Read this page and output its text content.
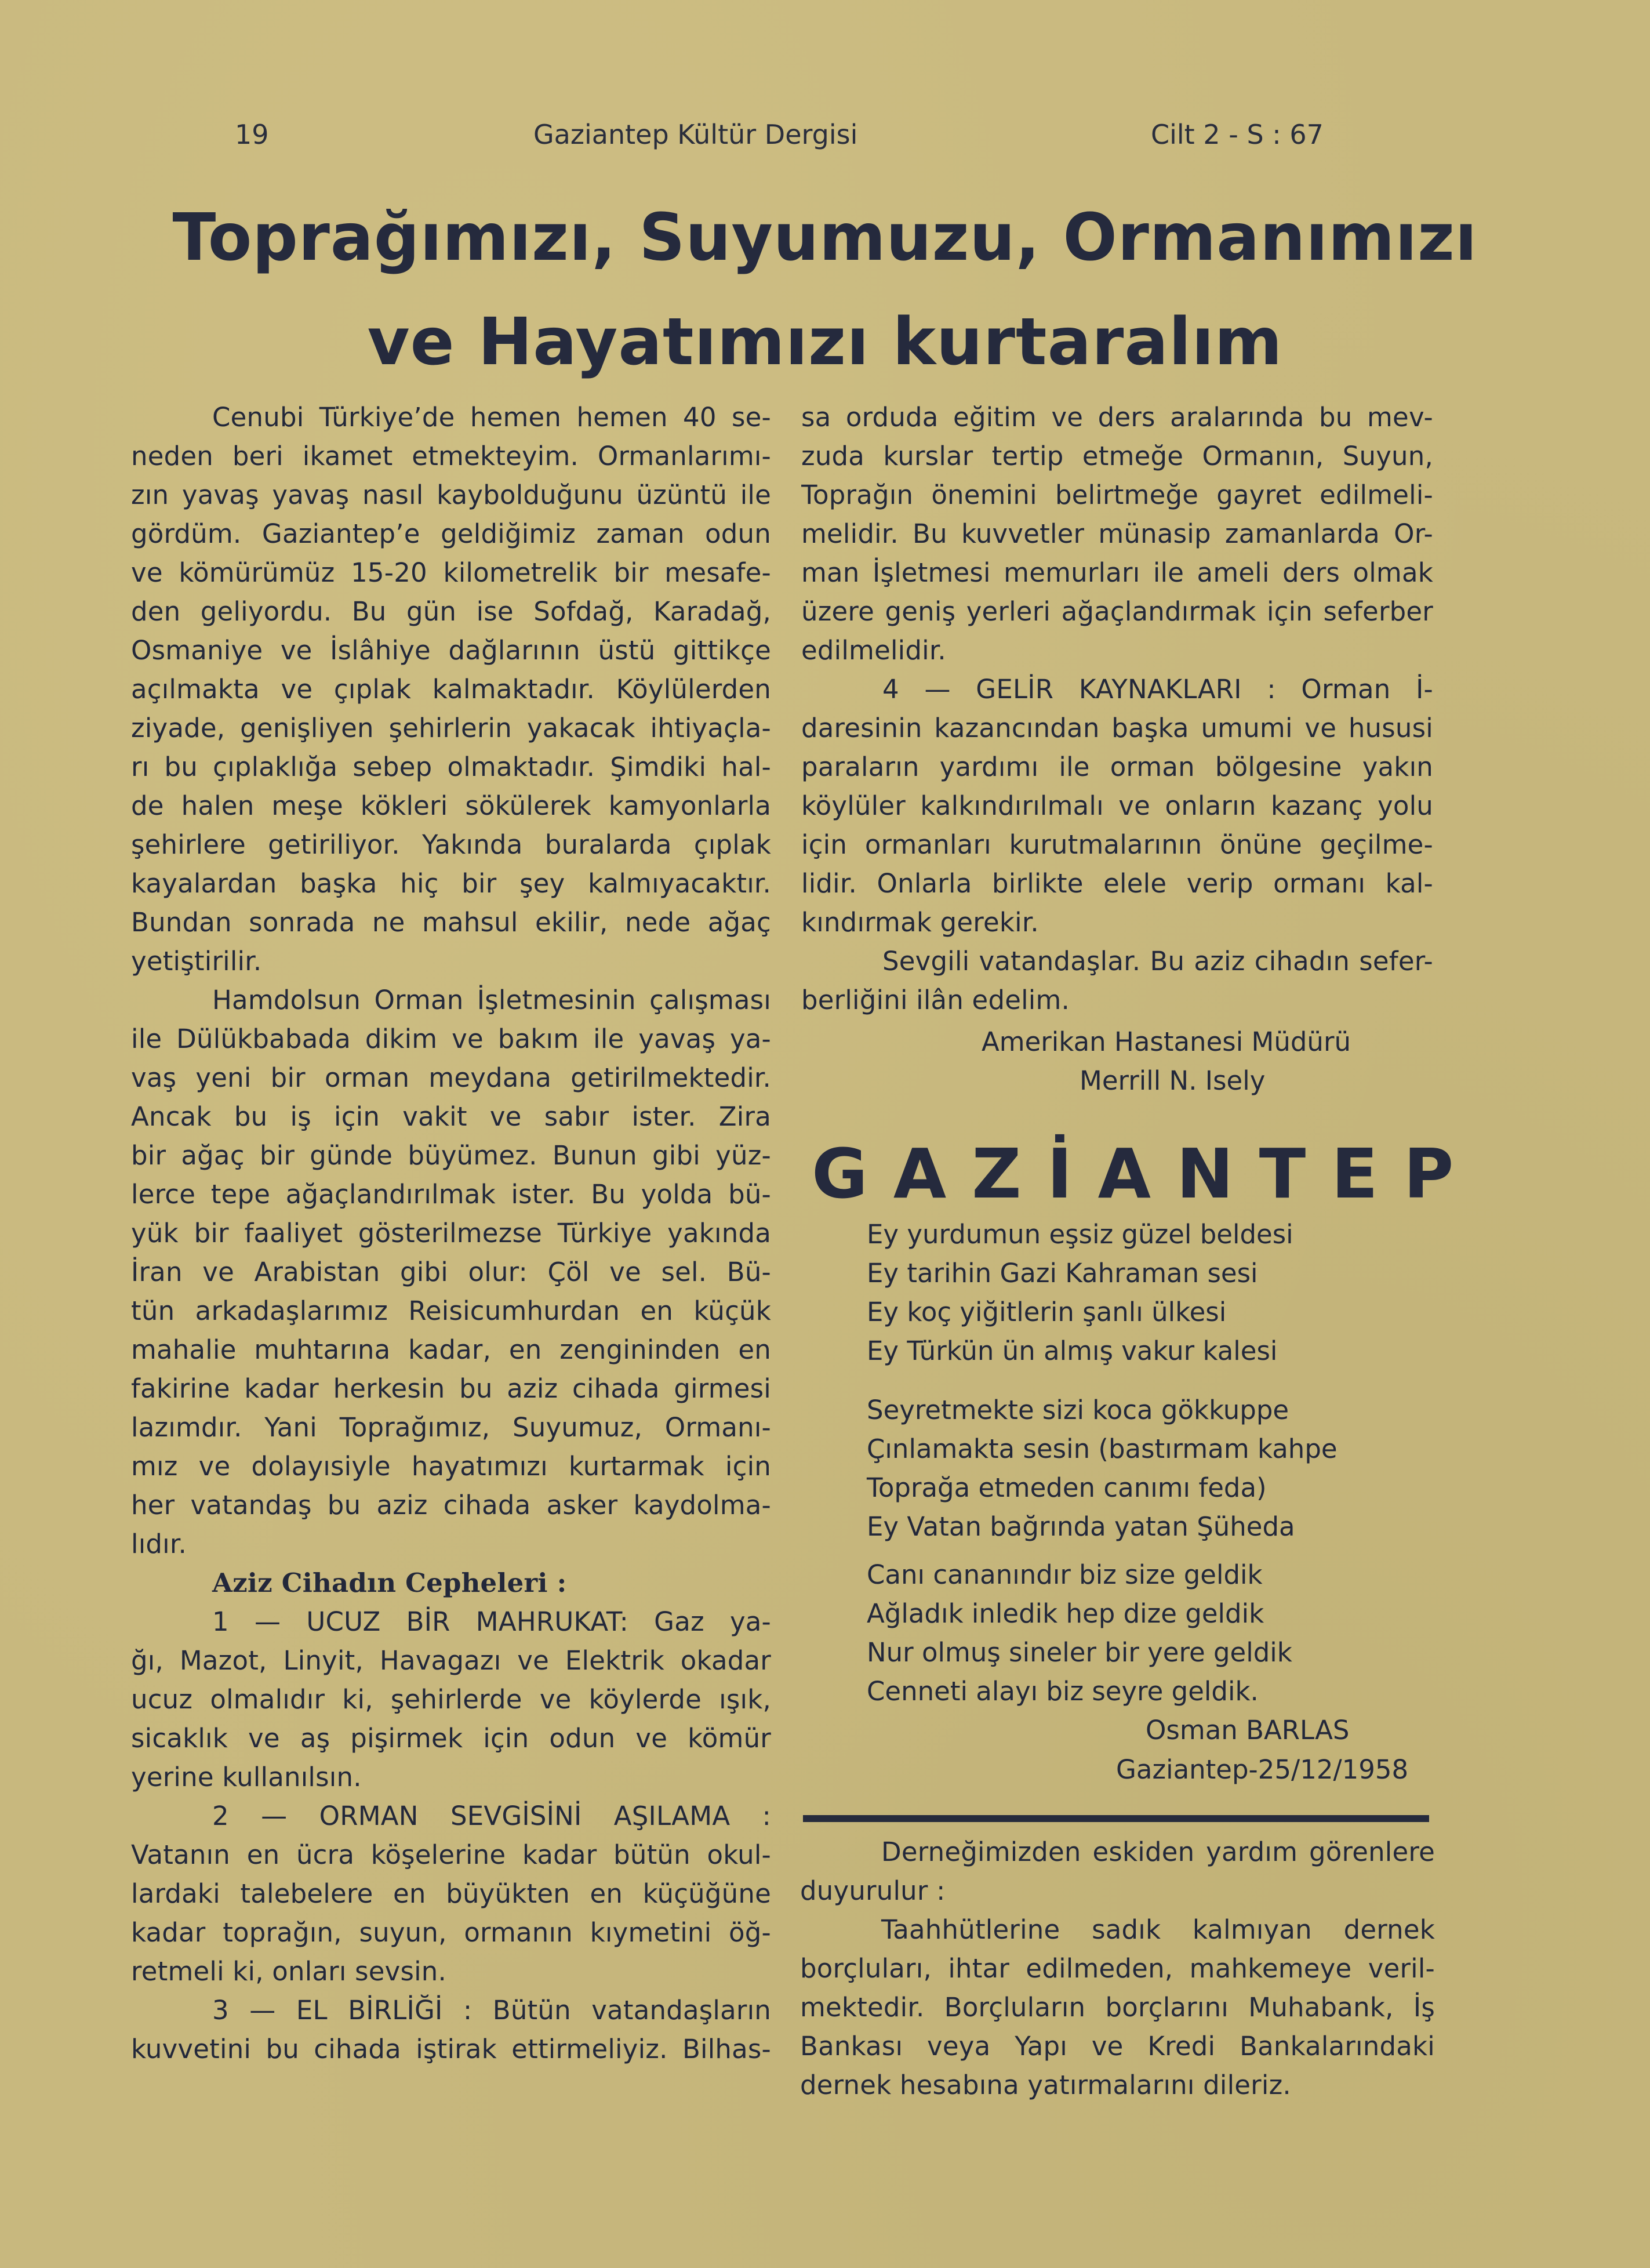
19	Gaziantep Kültür Dergisi	Cilt 2 - S : 67
Toprağımızı, Suyumuzu, Ormanımızı
ve Hayatımızı kurtaralım
Cenubi Türkiye’de hemen hemen 40 se-
neden beri ikamet etmekteyim. Ormanlarımı-
zın yavaş yavaş nasıl kaybolduğunu üzüntü ile
gördüm. Gaziantep’e geldiğimiz zaman odun
ve kömürümüz 15-20 kilometrelik bir mesafe-
den geliyordu. Bu gün ise Sofdağ, Karadağ,
Osmaniye ve İslâhiye dağlarının üstü gittikçe
açılmakta ve çıplak kalmaktadır. Köylülerden
ziyade, genişliyen şehirlerin yakacak ihtiyaçla-
rı bu çıplaklığa sebep olmaktadır. Şimdiki hal-
de halen meşe kökleri sökülerek kamyonlarla
şehirlere getiriliyor. Yakında buralarda çıplak
kayalardan başka hiç bir şey kalmıyacaktır.
Bundan sonrada ne mahsul ekilir, nede ağaç
yetiştirilir.
Hamdolsun Orman İşletmesinin çalışması
ile Dülükbabada dikim ve bakım ile yavaş ya-
vaş yeni bir orman meydana getirilmektedir.
Ancak bu iş için vakit ve sabır ister. Zira
bir ağaç bir günde büyümez. Bunun gibi yüz-
lerce tepe ağaçlandırılmak ister. Bu yolda bü-
yük bir faaliyet gösterilmezse Türkiye yakında
İran ve Arabistan gibi olur: Çöl ve sel. Bü-
tün arkadaşlarımız Reisicumhurdan en küçük
mahalie muhtarına kadar, en zengininden en
fakirine kadar herkesin bu aziz cihada girmesi
lazımdır. Yani Toprağımız, Suyumuz, Ormanı-
mız ve dolayısiyle hayatımızı kurtarmak için
her vatandaş bu aziz cihada asker kaydolma-
lıdır.
Aziz Cihadın Cepheleri :
1 — UCUZ BİR MAHRUKAT: Gaz ya-
ğı, Mazot, Linyit, Havagazı ve Elektrik okadar
ucuz olmalıdır ki, şehirlerde ve köylerde ışık,
sicaklık ve aş pişirmek için odun ve kömür
yerine kullanılsın.
2 — ORMAN SEVGİSİNİ AŞILAMA :
Vatanın en ücra köşelerine kadar bütün okul-
lardaki talebelere en büyükten en küçüğüne
kadar toprağın, suyun, ormanın kıymetini öğ-
retmeli ki, onları sevsin.
3 — EL BİRLİĞİ : Bütün vatandaşların
kuvvetini bu cihada iştirak ettirmeliyiz. Bilhas-
sa orduda eğitim ve ders aralarında bu mev-
zuda kurslar tertip etmeğe Ormanın, Suyun,
Toprağın önemini belirtmeğe gayret edilmeli-
melidir. Bu kuvvetler münasip zamanlarda Or-
man İşletmesi memurları ile ameli ders olmak
üzere geniş yerleri ağaçlandırmak için seferber
edilmelidir.
4 — GELİR KAYNAKLARI : Orman İ-
daresinin kazancından başka umumi ve hususi
paraların yardımı ile orman bölgesine yakın
köylüler kalkındırılmalı ve onların kazanç yolu
için ormanları kurutmalarının önüne geçilme-
lidir. Onlarla birlikte elele verip ormanı kal-
kındırmak gerekir.
Sevgili vatandaşlar. Bu aziz cihadın sefer-
berliğini ilân edelim.
Amerikan Hastanesi Müdürü
Merrill N. Isely
GAZİANTEP
Ey yurdumun eşsiz güzel beldesi
Ey tarihin Gazi Kahraman sesi
Ey koç yiğitlerin şanlı ülkesi
Ey Türkün ün almış vakur kalesi
Seyretmekte sizi koca gökkuppe
Çınlamakta sesin (bastırmam kahpe
Toprağa etmeden canımı feda)
Ey Vatan bağrında yatan Şüheda
Canı cananındır biz size geldik
Ağladık inledik hep dize geldik
Nur olmuş sineler bir yere geldik
Cenneti alayı biz seyre geldik.
Osman BARLAS
Gaziantep-25/12/1958
Derneğimizden eskiden yardım görenlere
duyurulur :
Taahhütlerine sadık kalmıyan dernek
borçluları, ihtar edilmeden, mahkemeye veril-
mektedir. Borçluların borçlarını Muhabank, İş
Bankası veya Yapı ve Kredi Bankalarındaki
dernek hesabına yatırmalarını dileriz.
